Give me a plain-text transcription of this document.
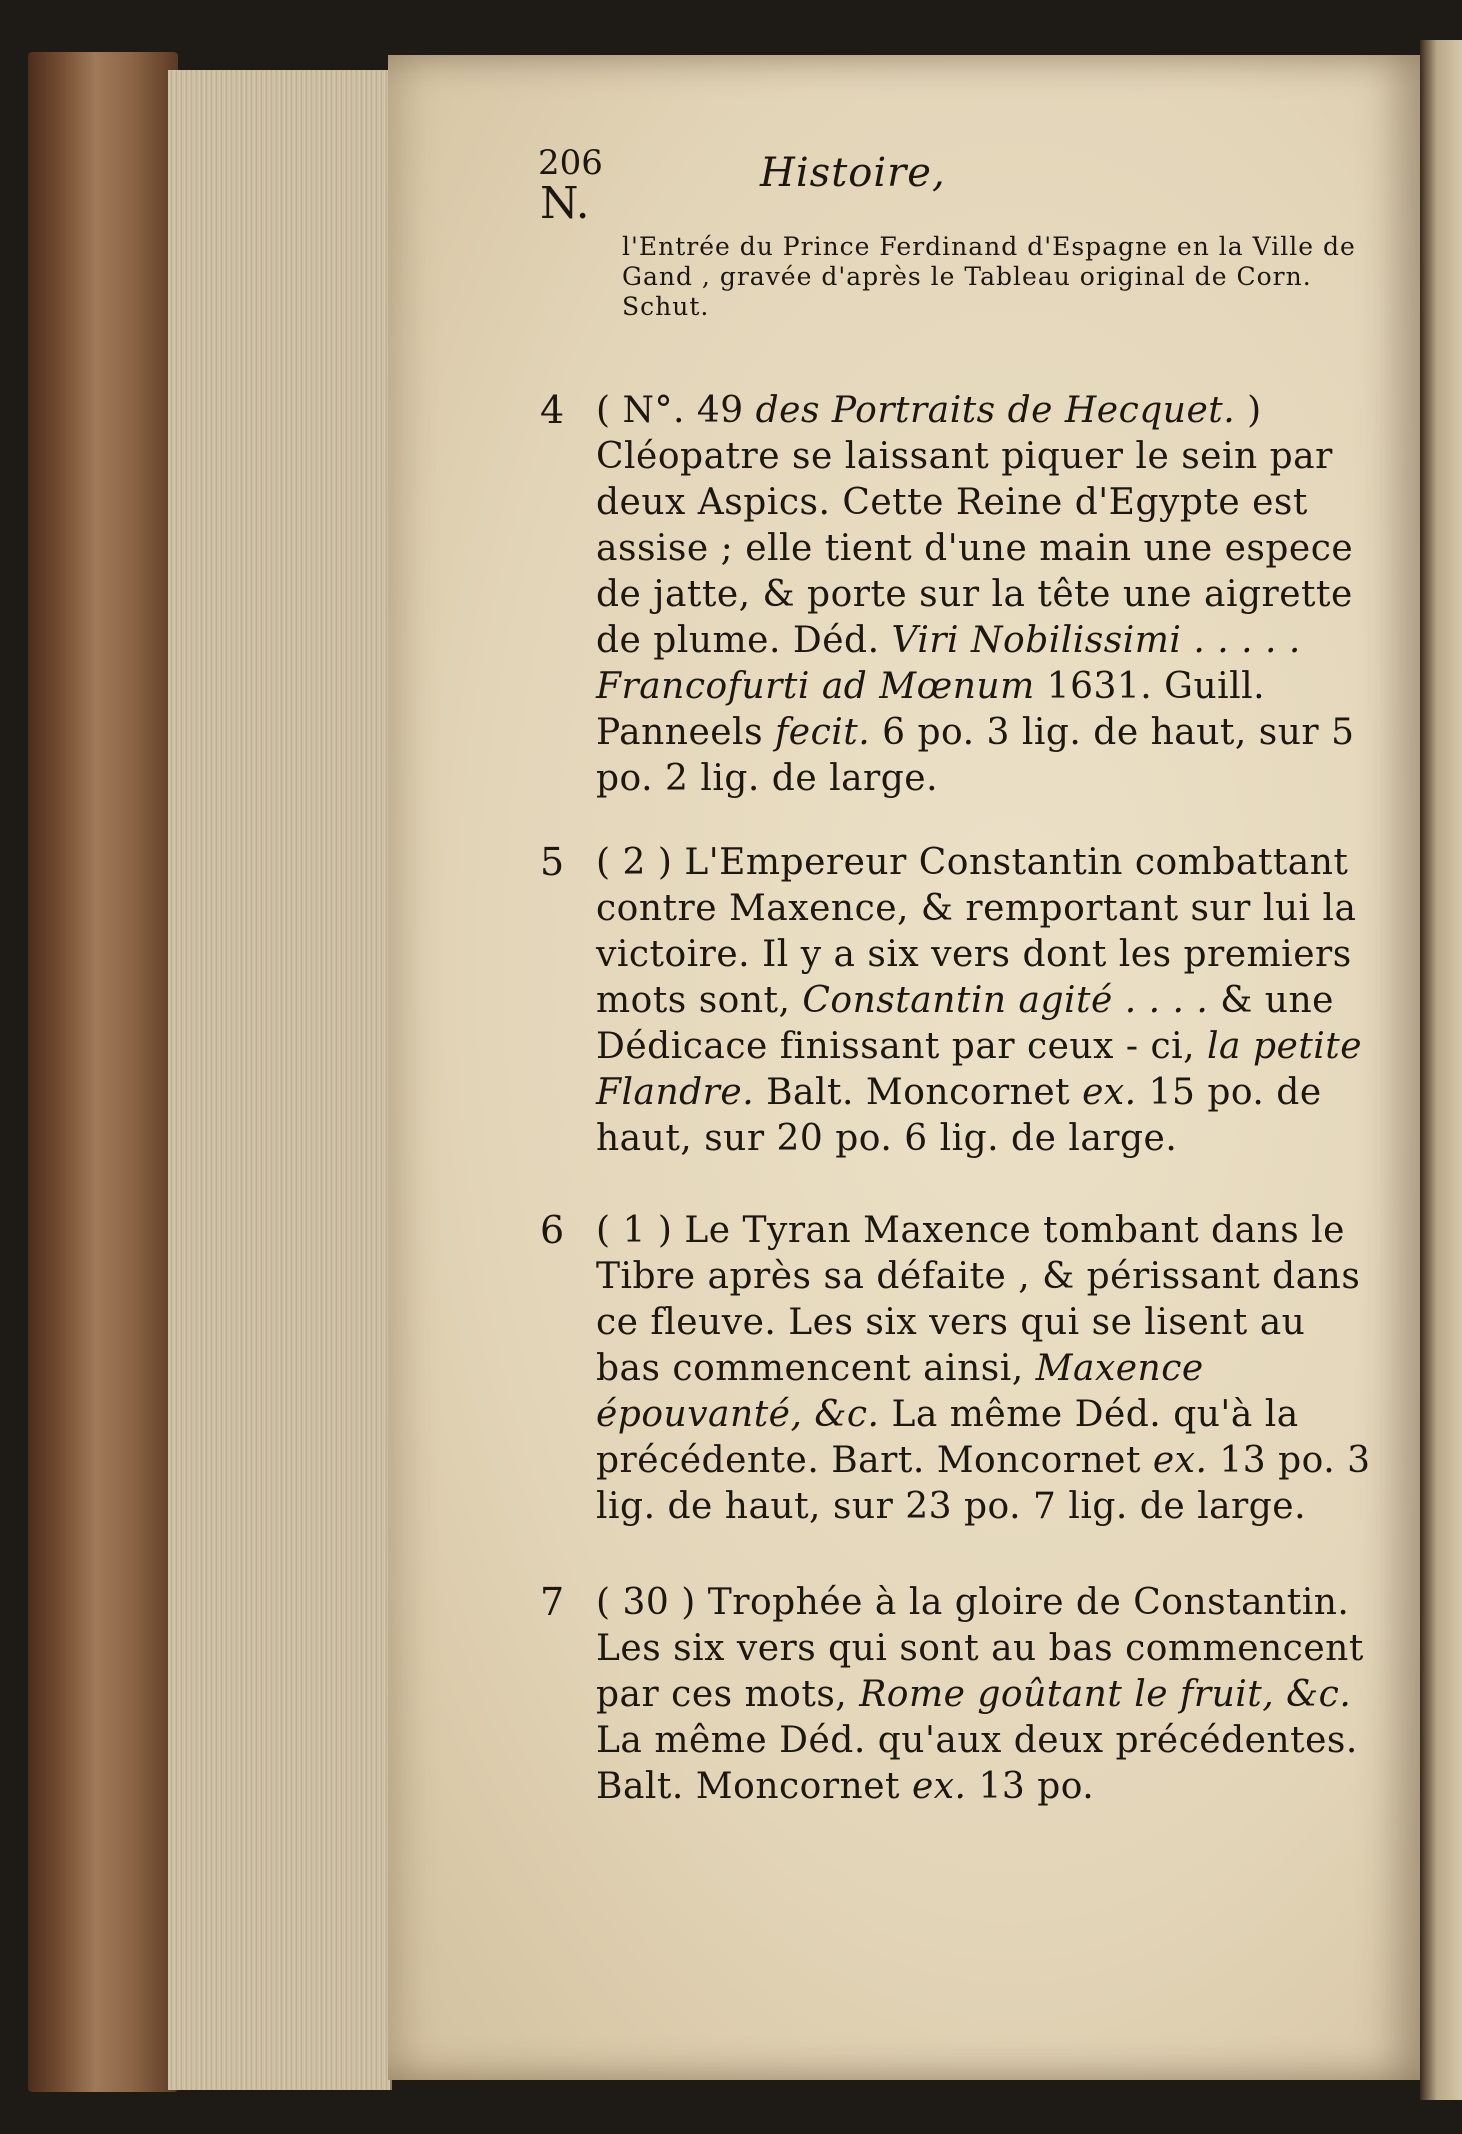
206	Histoire,
N.
l'Entrée du Prince Ferdinand d'Espagne en la Ville de Gand , gravée d'après le Tableau original de Corn. Schut.
4 ( N°. 49 des Portraits de Hecquet. ) Cléopatre se laissant piquer le sein par deux Aspics. Cette Reine d'Egypte est assise ; elle tient d'une main une espece de jatte, & porte sur la tête une aigrette de plume. Déd. Viri Nobilissimi . . . . . Francofurti ad Mœnum 1631. Guill. Panneels fecit. 6 po. 3 lig. de haut, sur 5 po. 2 lig. de large.
5 ( 2 ) L'Empereur Constantin combattant contre Maxence, & remportant sur lui la victoire. Il y a six vers dont les premiers mots sont, Constantin agité . . . . & une Dédicace finissant par ceux - ci, la petite Flandre. Balt. Moncornet ex. 15 po. de haut, sur 20 po. 6 lig. de large.
6 ( 1 ) Le Tyran Maxence tombant dans le Tibre après sa défaite , & périssant dans ce fleuve. Les six vers qui se lisent au bas commencent ainsi, Maxence épouvanté, &c. La même Déd. qu'à la précédente. Bart. Moncornet ex. 13 po. 3 lig. de haut, sur 23 po. 7 lig. de large.
7 ( 30 ) Trophée à la gloire de Constantin. Les six vers qui sont au bas commencent par ces mots, Rome goûtant le fruit, &c. La même Déd. qu'aux deux précédentes. Balt. Moncornet ex. 13 po.
